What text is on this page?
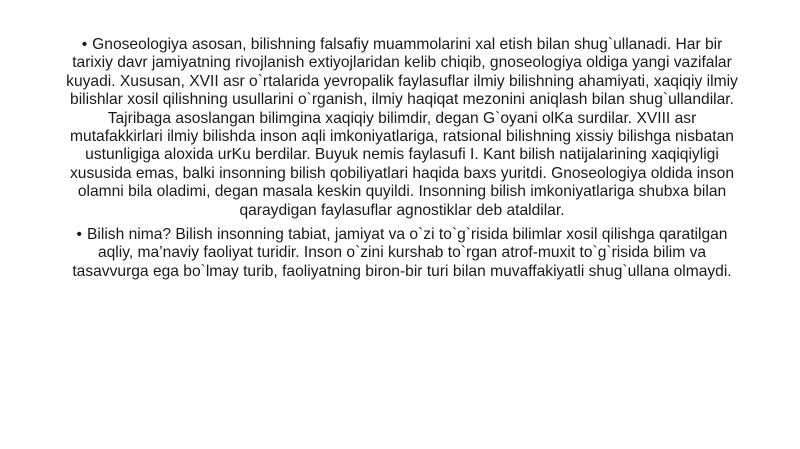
• Gnoseologiya asosan, bilishning falsafiy muammolarini xal etish bilan shug`ullanadi. Har bir tarixiy davr jamiyatning rivojlanish extiyojlaridan kelib chiqib, gnoseologiya oldiga yangi vazifalar kuyadi. Xususan, XVII asr o`rtalarida yevropalik faylasuflar ilmiy bilishning ahamiyati, xaqiqiy ilmiy bilishlar xosil qilishning usullarini o`rganish, ilmiy haqiqat mezonini aniqlash bilan shug`ullandilar. Tajribaga asoslangan bilimgina xaqiqiy bilimdir, degan G`oyani olKa surdilar. XVIII asr mutafakkirlari ilmiy bilishda inson aqli imkoniyatlariga, ratsional bilishning xissiy bilishga nisbatan ustunligiga aloxida urKu berdilar. Buyuk nemis faylasufi I. Kant bilish natijalarining xaqiqiyligi xususida emas, balki insonning bilish qobiliyatlari haqida baxs yuritdi. Gnoseologiya oldida inson olamni bila oladimi, degan masala keskin quyildi. Insonning bilish imkoniyatlariga shubxa bilan qaraydigan faylasuflar agnostiklar deb ataldilar.
• Bilish nima? Bilish insonning tabiat, jamiyat va o`zi to`g`risida bilimlar xosil qilishga qaratilgan aqliy, ma’naviy faoliyat turidir. Inson o`zini kurshab to`rgan atrof-muxit to`g`risida bilim va tasavvurga ega bo`lmay turib, faoliyatning biron-bir turi bilan muvaffakiyatli shug`ullana olmaydi.
